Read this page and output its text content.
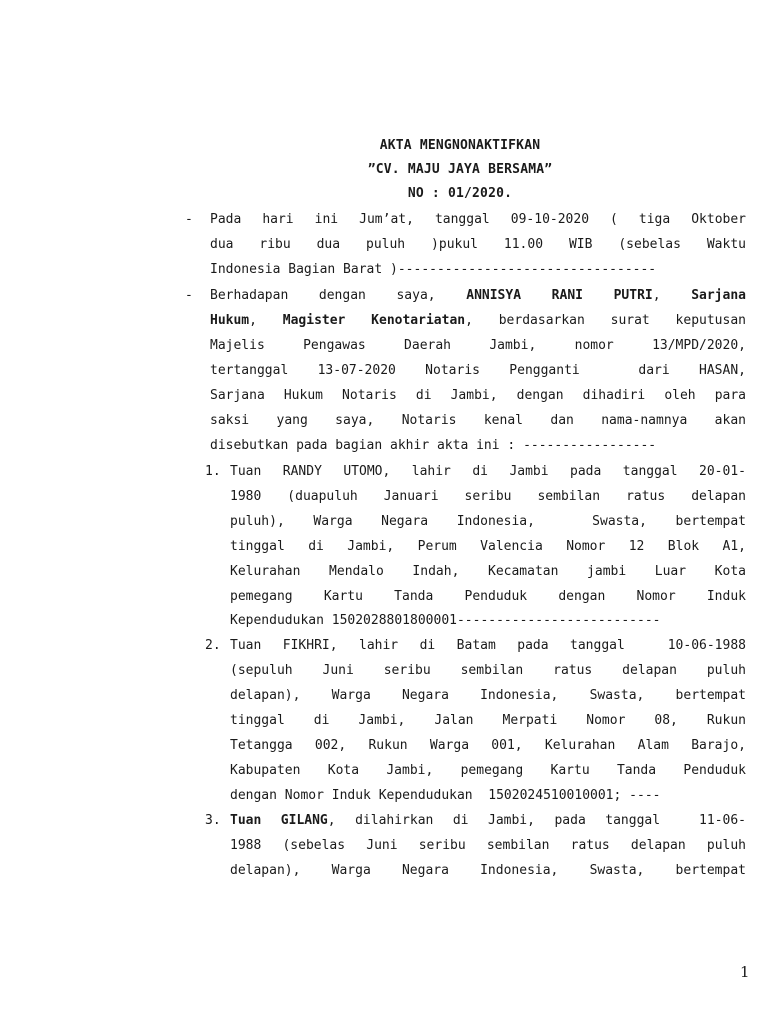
AKTA MENGNONAKTIFKAN
”CV. MAJU JAYA BERSAMA”
NO : 01/2020.
- Pada hari ini Jum’at, tanggal 09-10-2020 ( tiga Oktober
dua ribu dua puluh )pukul 11.00 WIB (sebelas Waktu
Indonesia Bagian Barat )---------------------------------
- Berhadapan dengan saya, ANNISYA RANI PUTRI, Sarjana
Hukum, Magister Kenotariatan, berdasarkan surat keputusan
Majelis Pengawas Daerah Jambi, nomor 13/MPD/2020,
tertanggal 13-07-2020 Notaris Pengganti  dari HASAN,
Sarjana Hukum Notaris di Jambi, dengan dihadiri oleh para
saksi yang saya, Notaris kenal dan nama-namnya akan
disebutkan pada bagian akhir akta ini : -----------------
1. Tuan RANDY UTOMO, lahir di Jambi pada tanggal 20-01-
1980 (duapuluh Januari seribu sembilan ratus delapan
puluh), Warga Negara Indonesia,  Swasta, bertempat
tinggal di Jambi, Perum Valencia Nomor 12 Blok A1,
Kelurahan Mendalo Indah, Kecamatan jambi Luar Kota
pemegang Kartu Tanda Penduduk dengan Nomor Induk
Kependudukan 1502028801800001--------------------------
2. Tuan FIKHRI, lahir di Batam pada tanggal  10-06-1988
(sepuluh Juni seribu sembilan ratus delapan puluh
delapan), Warga Negara Indonesia, Swasta, bertempat
tinggal di Jambi, Jalan Merpati Nomor 08, Rukun
Tetangga 002, Rukun Warga 001, Kelurahan Alam Barajo,
Kabupaten Kota Jambi, pemegang Kartu Tanda Penduduk
dengan Nomor Induk Kependudukan  1502024510010001; ----
3. Tuan GILANG, dilahirkan di Jambi, pada tanggal  11-06-
1988 (sebelas Juni seribu sembilan ratus delapan puluh
delapan), Warga Negara Indonesia, Swasta, bertempat
1
